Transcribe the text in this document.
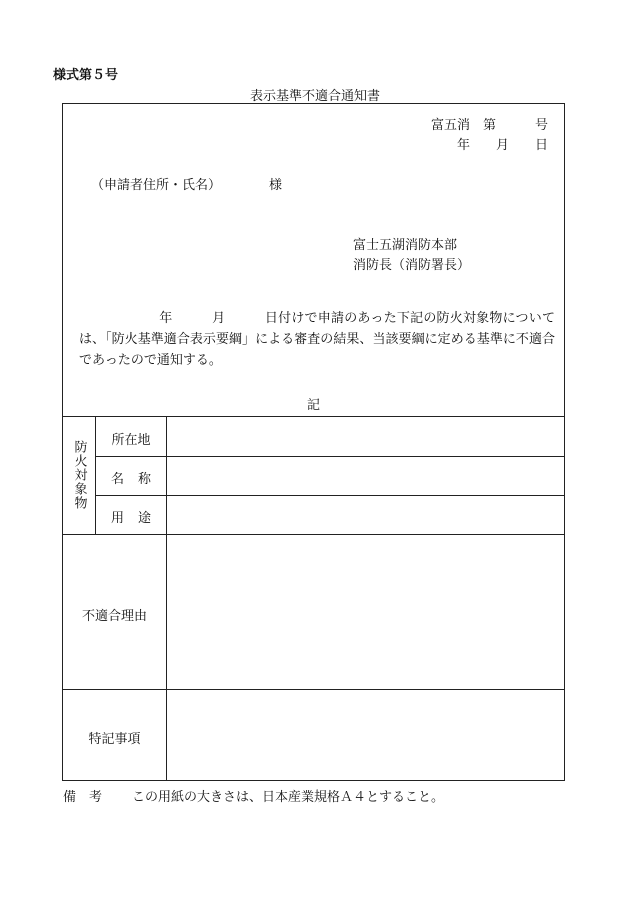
様式第５号
表示基準不適合通知書
富五消　第　　　号
年　　月　　日
（申請者住所・氏名）	様
富士五湖消防本部
消防長（消防署長）
年　　　月　　　日付けで申請のあった下記の防火対象物については、「防火基準適合表示要綱」による審査の結果、当該要綱に定める基準に不適合であったので通知する。
記
防火対象物	所在地
名称
用途
不適合理由
特記事項
備　考 この用紙の大きさは、日本産業規格Ａ４とすること。
